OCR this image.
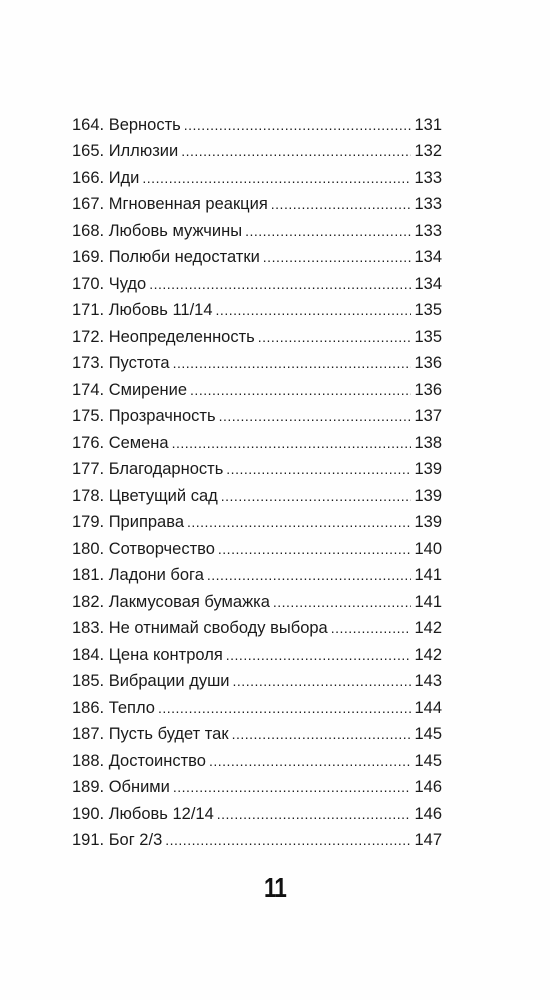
164. Верность .....	131
165. Иллюзии .....	132
166. Иди .....	133
167. Мгновенная реакция .....	133
168. Любовь мужчины .....	133
169. Полюби недостатки .....	134
170. Чудо .....	134
171. Любовь 11/14 .....	135
172. Неопределенность .....	135
173. Пустота .....	136
174. Смирение .....	136
175. Прозрачность .....	137
176. Семена .....	138
177. Благодарность .....	139
178. Цветущий сад .....	139
179. Приправа .....	139
180. Сотворчество .....	140
181. Ладони бога .....	141
182. Лакмусовая бумажка .....	141
183. Не отнимай свободу выбора .....	142
184. Цена контроля .....	142
185. Вибрации души .....	143
186. Тепло .....	144
187. Пусть будет так .....	145
188. Достоинство .....	145
189. Обними .....	146
190. Любовь 12/14 .....	146
191. Бог 2/3 .....	147
11
